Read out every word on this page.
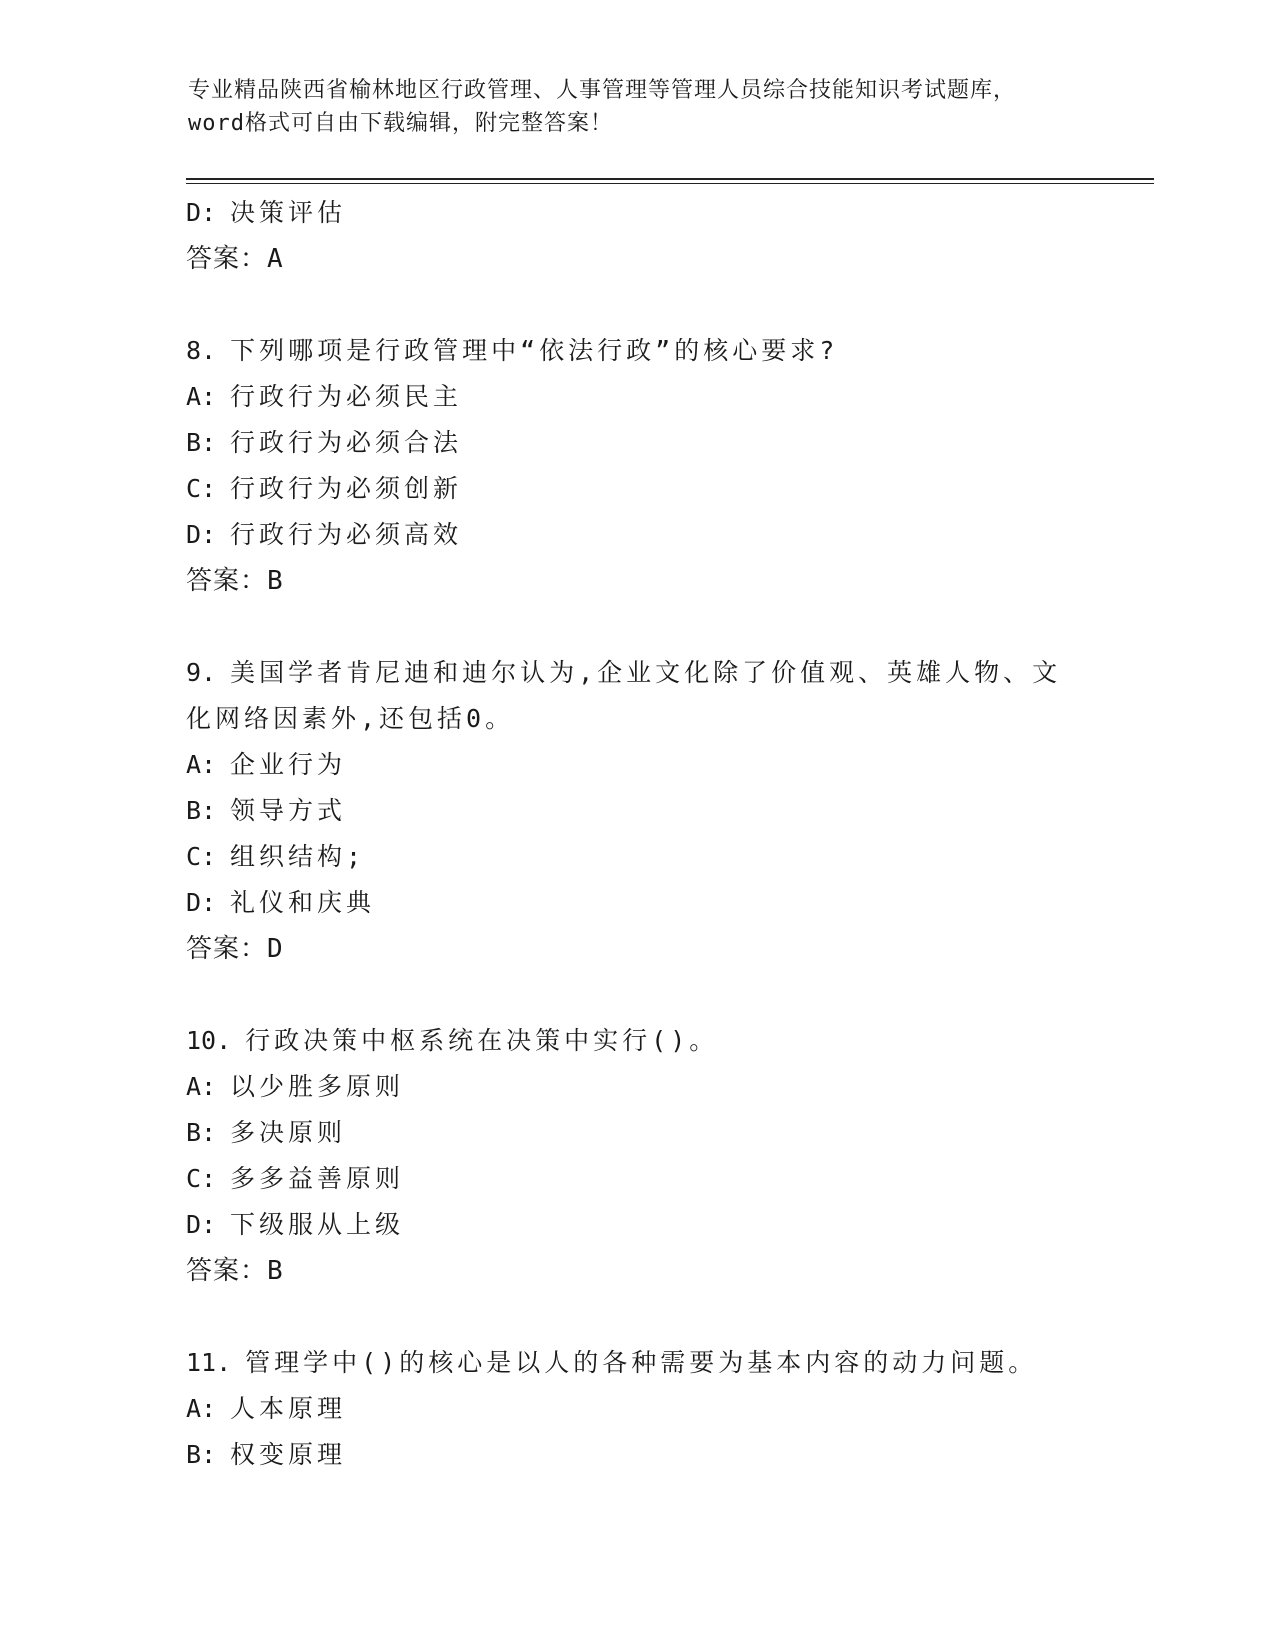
专业精品陕西省榆林地区行政管理、人事管理等管理人员综合技能知识考试题库，
word格式可自由下载编辑，附完整答案！
D: 决策评估
答案：A
8. 下列哪项是行政管理中“依法行政”的核心要求?
A: 行政行为必须民主
B: 行政行为必须合法
C: 行政行为必须创新
D: 行政行为必须高效
答案：B
9. 美国学者肯尼迪和迪尔认为,企业文化除了价值观、英雄人物、文
化网络因素外,还包括0。
A: 企业行为
B: 领导方式
C: 组织结构;
D: 礼仪和庆典
答案：D
10. 行政决策中枢系统在决策中实行()。
A: 以少胜多原则
B: 多决原则
C: 多多益善原则
D: 下级服从上级
答案：B
11. 管理学中()的核心是以人的各种需要为基本内容的动力问题。
A: 人本原理
B: 权变原理
